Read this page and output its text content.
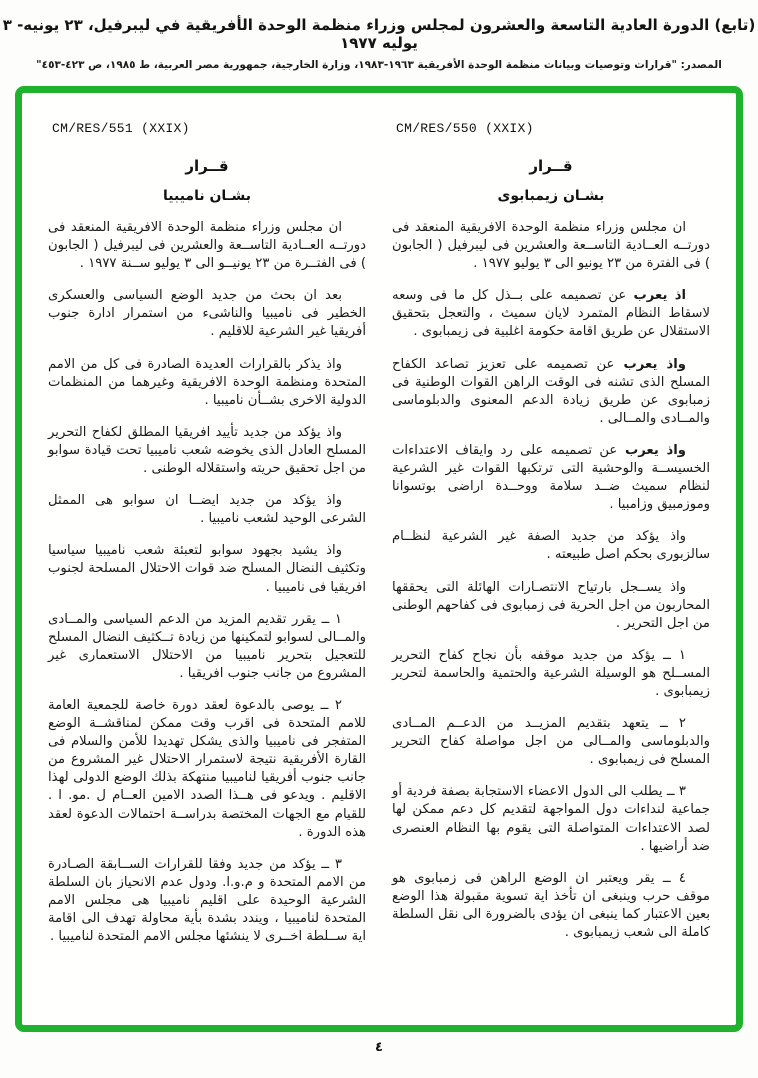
(تابع) الدورة العادية التاسعة والعشرون لمجلس وزراء منظمة الوحدة الأفريقية في ليبرفيل، ٢٣ يونيه- ٣ يوليه ١٩٧٧
المصدر: "قرارات وتوصيات وبيانات منظمة الوحدة الأفريقية ١٩٦٣-١٩٨٣، وزارة الخارجية، جمهورية مصر العربية، ط ١٩٨٥، ص ٤٢٣-٤٥٣"
CM/RES/550 (XXIX)
قــرار
بشـان زيمبابوى

ان مجلس وزراء منظمة الوحدة الافريقية المنعقد فى دورتــه العــادية التاســعة والعشرين فى ليبرفيل ( الجابون ) فى الفترة من ٢٣ يونيو الى ٣ يوليو ١٩٧٧ .

اذ يعرب عن تصميمه على بــذل كل ما فى وسعه لاسقاط النظام المتمرد لايان سميث ، والتعجل بتحقيق الاستقلال عن طريق اقامة حكومة اغلبية فى زيمبابوى .

واذ يعرب عن تصميمه على تعزيز تصاعد الكفاح المسلح الذى تشنه فى الوقت الراهن القوات الوطنية فى زمبابوى عن طريق زيادة الدعم المعنوى والدبلوماسى والمــادى والمــالى .

واذ يعرب عن تصميمه على رد وايقاف الاعتداءات الخسيســة والوحشية التى ترتكبها القوات غير الشرعية لنظام سميث ضــد سلامة ووحــدة اراضى بوتسوانا وموزمبيق وزامبيا .

واذ يؤكد من جديد الصفة غير الشرعية لنظــام سالزبورى بحكم اصل طبيعته .

واذ يســجل بارتياح الانتصـارات الهائلة التى يحققها المحاربون من اجل الحرية فى زمبابوى فى كفاحهم الوطنى من اجل التحرير .

١ ــ يؤكد من جديد موقفه بأن نجاح كفاح التحرير المســلح هو الوسيلة الشرعية والحتمية والحاسمة لتحرير زيمبابوى .

٢ ــ يتعهد بتقديم المزيــد من الدعــم المــادى والدبلوماسى والمــالى من اجل مواصلة كفاح التحرير المسلح فى زيمبابوى .

٣ ــ يطلب الى الدول الاعضاء الاستجابة بصفة فردية أو جماعية لنداءات دول المواجهة لتقديم كل دعم ممكن لها لصد الاعتداءات المتواصلة التى يقوم بها النظام العنصرى ضد أراضيها .

٤ ــ يقر ويعتبر ان الوضع الراهن فى زمبابوى هو موقف حرب وينبغى ان تأخذ اية تسوية مقبولة هذا الوضع بعين الاعتبار كما ينبغى ان يؤدى بالضرورة الى نقل السلطة كاملة الى شعب زيمبابوى .

CM/RES/551 (XXIX)
قــرار
بشـان ناميبيا

ان مجلس وزراء منظمة الوحدة الافريقية المنعقد فى دورتــه العــادية التاســعة والعشرين فى ليبرفيل ( الجابون ) فى الفتــرة من ٢٣ يونيــو الى ٣ يوليو ســنة ١٩٧٧ .

بعد ان بحث من جديد الوضع السياسى والعسكرى الخطير فى ناميبيا والناشىء من استمرار ادارة جنوب أفريقيا غير الشرعية للاقليم .

واذ يذكر بالقرارات العديدة الصادرة فى كل من الامم المتحدة ومنظمة الوحدة الافريقية وغيرهما من المنظمات الدولية الاخرى بشــأن ناميبيا .

واذ يؤكد من جديد تأييد افريقيا المطلق لكفاح التحرير المسلح العادل الذى يخوضه شعب ناميبيا تحت قيادة سوابو من اجل تحقيق حريته واستقلاله الوطنى .

واذ يؤكد من جديد ايضــا ان سوابو هى الممثل الشرعى الوحيد لشعب ناميبيا .

واذ يشيد بجهود سوابو لتعبئة شعب ناميبيا سياسيا وتكثيف النضال المسلح ضد قوات الاحتلال المسلحة لجنوب افريقيا فى ناميبيا .

١ ــ يقرر تقديم المزيد من الدعم السياسى والمــادى والمــالى لسوابو لتمكينها من زيادة تــكثيف النضال المسلح للتعجيل بتحرير ناميبيا من الاحتلال الاستعمارى غير المشروع من جانب جنوب افريقيا .

٢ ــ يوصى بالدعوة لعقد دورة خاصة للجمعية العامة للامم المتحدة فى اقرب وقت ممكن لمناقشــة الوضع المتفجر فى ناميبيا والذى يشكل تهديدا للأمن والسلام فى القارة الأفريقية نتيجة لاستمرار الاحتلال غير المشروع من جانب جنوب أفريقيا لناميبيا منتهكة بذلك الوضع الدولى لهذا الاقليم . ويدعو فى هــذا الصدد الامين العــام ل .مو. ا . للقيام مع الجهات المختصة بدراســة احتمالات الدعوة لعقد هذه الدورة .

٣ ــ يؤكد من جديد وفقا للقرارات الســابقة الصـادرة من الامم المتحدة و م.و.ا. ودول عدم الانحياز بان السلطة الشرعية الوحيدة على اقليم ناميبيا هى مجلس الامم المتحدة لناميبيا ، ويندد بشدة بأية محاولة تهدف الى اقامة اية ســلطة اخــرى لا ينشئها مجلس الامم المتحدة لناميبيا .

٤
